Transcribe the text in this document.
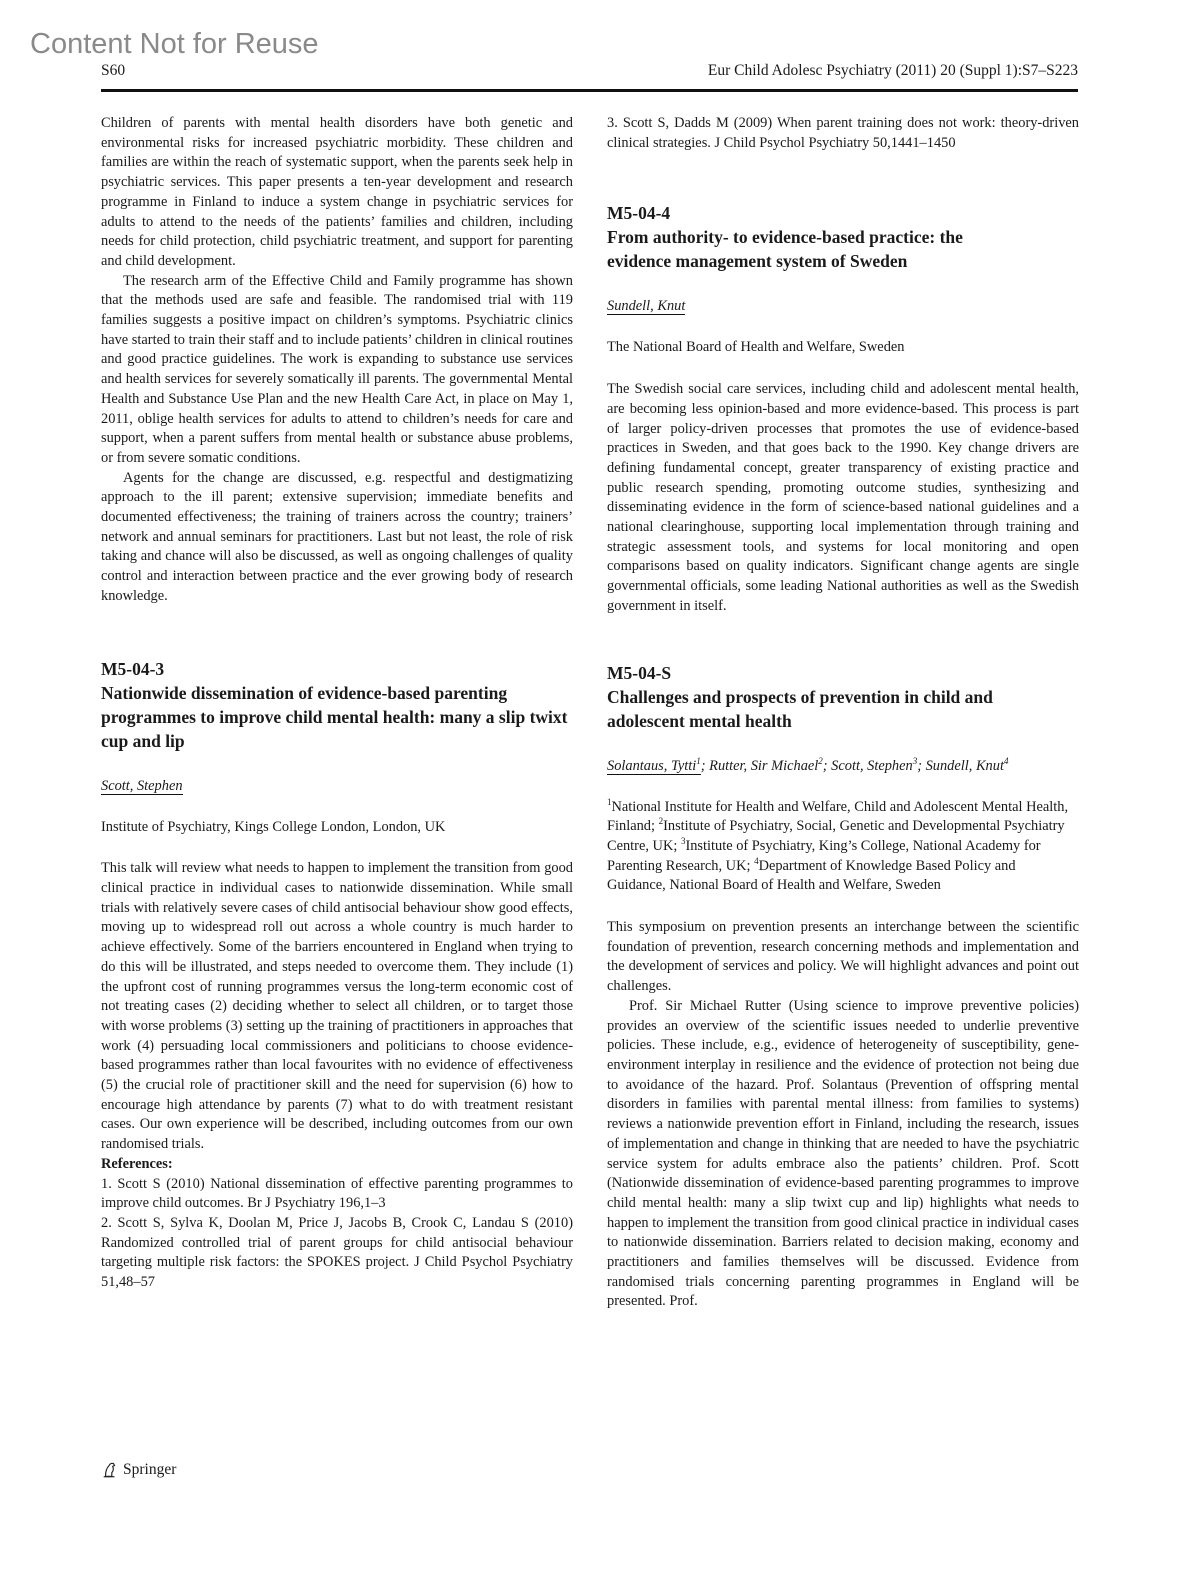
Content Not for Reuse
S60	Eur Child Adolesc Psychiatry (2011) 20 (Suppl 1):S7–S223

Children of parents with mental health disorders have both genetic and environmental risks for increased psychiatric morbidity. These children and families are within the reach of systematic support, when the parents seek help in psychiatric services. This paper presents a ten-year development and research programme in Finland to induce a system change in psychiatric services for adults to attend to the needs of the patients’ families and children, including needs for child protection, child psychiatric treatment, and support for parenting and child development.

The research arm of the Effective Child and Family programme has shown that the methods used are safe and feasible. The randomised trial with 119 families suggests a positive impact on children’s symptoms. Psychiatric clinics have started to train their staff and to include patients’ children in clinical routines and good practice guidelines. The work is expanding to substance use services and health services for severely somatically ill parents. The governmental Mental Health and Substance Use Plan and the new Health Care Act, in place on May 1, 2011, oblige health services for adults to attend to children’s needs for care and support, when a parent suffers from mental health or substance abuse problems, or from severe somatic conditions.

Agents for the change are discussed, e.g. respectful and destigmatizing approach to the ill parent; extensive supervision; immediate benefits and documented effectiveness; the training of trainers across the country; trainers’ network and annual seminars for practitioners. Last but not least, the role of risk taking and chance will also be discussed, as well as ongoing challenges of quality control and interaction between practice and the ever growing body of research knowledge.

M5-04-3
Nationwide dissemination of evidence-based parenting programmes to improve child mental health: many a slip twixt cup and lip
Scott, Stephen

Institute of Psychiatry, Kings College London, London, UK

This talk will review what needs to happen to implement the transition from good clinical practice in individual cases to nationwide dissemination. While small trials with relatively severe cases of child antisocial behaviour show good effects, moving up to widespread roll out across a whole country is much harder to achieve effectively. Some of the barriers encountered in England when trying to do this will be illustrated, and steps needed to overcome them. They include (1) the upfront cost of running programmes versus the long-term economic cost of not treating cases (2) deciding whether to select all children, or to target those with worse problems (3) setting up the training of practitioners in approaches that work (4) persuading local commissioners and politicians to choose evidence-based programmes rather than local favourites with no evidence of effectiveness (5) the crucial role of practitioner skill and the need for supervision (6) how to encourage high attendance by parents (7) what to do with treatment resistant cases. Our own experience will be described, including outcomes from our own randomised trials.

References:

1. Scott S (2010) National dissemination of effective parenting programmes to improve child outcomes. Br J Psychiatry 196,1–3

2. Scott S, Sylva K, Doolan M, Price J, Jacobs B, Crook C, Landau S (2010) Randomized controlled trial of parent groups for child antisocial behaviour targeting multiple risk factors: the SPOKES project. J Child Psychol Psychiatry 51,48–57

3. Scott S, Dadds M (2009) When parent training does not work: theory-driven clinical strategies. J Child Psychol Psychiatry 50,1441–1450

M5-04-4
From authority- to evidence-based practice: the evidence management system of Sweden
Sundell, Knut

The National Board of Health and Welfare, Sweden

The Swedish social care services, including child and adolescent mental health, are becoming less opinion-based and more evidence-based. This process is part of larger policy-driven processes that promotes the use of evidence-based practices in Sweden, and that goes back to the 1990. Key change drivers are defining fundamental concept, greater transparency of existing practice and public research spending, promoting outcome studies, synthesizing and disseminating evidence in the form of science-based national guidelines and a national clearinghouse, supporting local implementation through training and strategic assessment tools, and systems for local monitoring and open comparisons based on quality indicators. Significant change agents are single governmental officials, some leading National authorities as well as the Swedish government in itself.

M5-04-S
Challenges and prospects of prevention in child and adolescent mental health
Solantaus, Tytti$^1$; Rutter, Sir Michael$^2$; Scott, Stephen$^3$; Sundell, Knut$^4$

$^1$National Institute for Health and Welfare, Child and Adolescent Mental Health, Finland; $^2$Institute of Psychiatry, Social, Genetic and Developmental Psychiatry Centre, UK; $^3$Institute of Psychiatry, King’s College, National Academy for Parenting Research, UK; $^4$Department of Knowledge Based Policy and Guidance, National Board of Health and Welfare, Sweden

This symposium on prevention presents an interchange between the scientific foundation of prevention, research concerning methods and implementation and the development of services and policy. We will highlight advances and point out challenges.

Prof. Sir Michael Rutter (Using science to improve preventive policies) provides an overview of the scientific issues needed to underlie preventive policies. These include, e.g., evidence of heterogeneity of susceptibility, gene-environment interplay in resilience and the evidence of protection not being due to avoidance of the hazard. Prof. Solantaus (Prevention of offspring mental disorders in families with parental mental illness: from families to systems) reviews a nationwide prevention effort in Finland, including the research, issues of implementation and change in thinking that are needed to have the psychiatric service system for adults embrace also the patients’ children. Prof. Scott (Nationwide dissemination of evidence-based parenting programmes to improve child mental health: many a slip twixt cup and lip) highlights what needs to happen to implement the transition from good clinical practice in individual cases to nationwide dissemination. Barriers related to decision making, economy and practitioners and families themselves will be discussed. Evidence from randomised trials concerning parenting programmes in England will be presented. Prof.

Springer
